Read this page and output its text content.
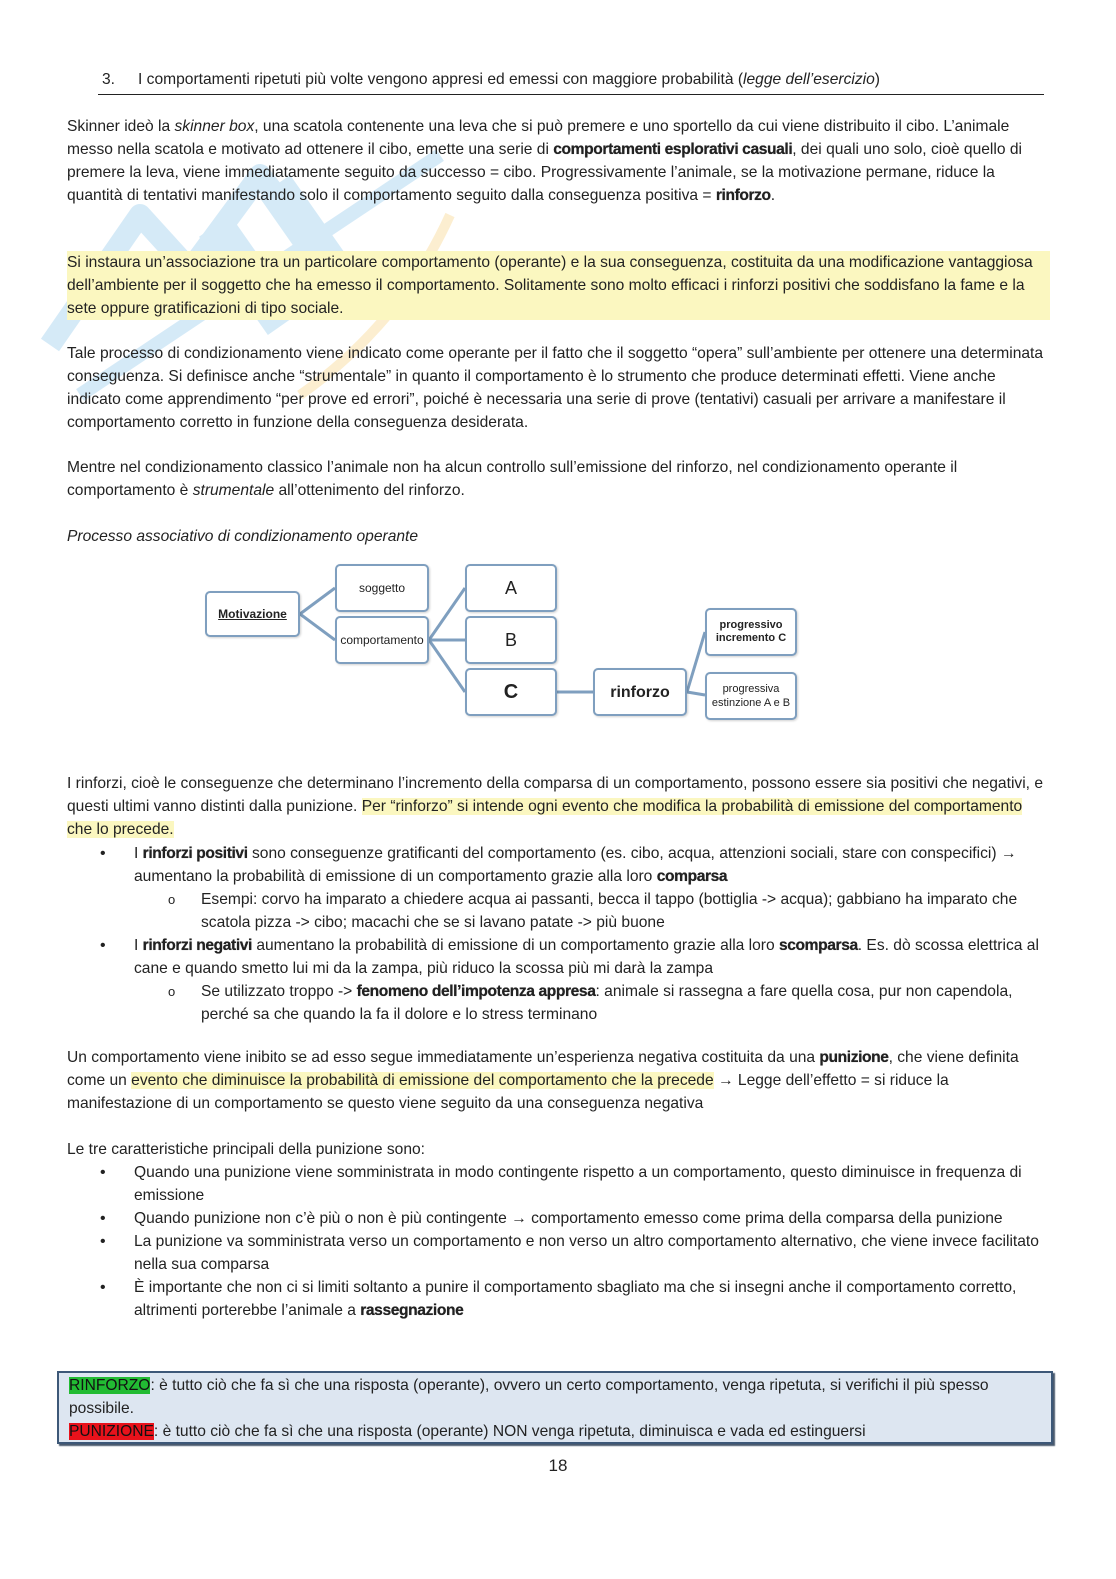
3. I comportamenti ripetuti più volte vengono appresi ed emessi con maggiore probabilità (legge dell’esercizio)

Skinner ideò la skinner box, una scatola contenente una leva che si può premere e uno sportello da cui viene distribuito il cibo. L’animale messo nella scatola e motivato ad ottenere il cibo, emette una serie di comportamenti esplorativi casuali, dei quali uno solo, cioè quello di premere la leva, viene immediatamente seguito da successo = cibo. Progressivamente l’animale, se la motivazione permane, riduce la quantità di tentativi manifestando solo il comportamento seguito dalla conseguenza positiva = rinforzo.

Si instaura un’associazione tra un particolare comportamento (operante) e la sua conseguenza, costituita da una modificazione vantaggiosa dell’ambiente per il soggetto che ha emesso il comportamento. Solitamente sono molto efficaci i rinforzi positivi che soddisfano la fame e la sete oppure gratificazioni di tipo sociale.

Tale processo di condizionamento viene indicato come operante per il fatto che il soggetto “opera” sull’ambiente per ottenere una determinata conseguenza. Si definisce anche “strumentale” in quanto il comportamento è lo strumento che produce determinati effetti. Viene anche indicato come apprendimento “per prove ed errori”, poiché è necessaria una serie di prove (tentativi) casuali per arrivare a manifestare il comportamento corretto in funzione della conseguenza desiderata.

Mentre nel condizionamento classico l’animale non ha alcun controllo sull’emissione del rinforzo, nel condizionamento operante il comportamento è strumentale all’ottenimento del rinforzo.

Processo associativo di condizionamento operante

Motivazione
soggetto
comportamento
A
B
C	rinforzo
progressivo incremento C
progressiva estinzione A e B

I rinforzi, cioè le conseguenze che determinano l’incremento della comparsa di un comportamento, possono essere sia positivi che negativi, e questi ultimi vanno distinti dalla punizione. Per “rinforzo” si intende ogni evento che modifica la probabilità di emissione del comportamento che lo precede.

• I rinforzi positivi sono conseguenze gratificanti del comportamento (es. cibo, acqua, attenzioni sociali, stare con conspecifici) → aumentano la probabilità di emissione di un comportamento grazie alla loro comparsa
o Esempi: corvo ha imparato a chiedere acqua ai passanti, becca il tappo (bottiglia -> acqua); gabbiano ha imparato che scatola pizza -> cibo; macachi che se si lavano patate -> più buone
• I rinforzi negativi aumentano la probabilità di emissione di un comportamento grazie alla loro scomparsa. Es. dò scossa elettrica al cane e quando smetto lui mi da la zampa, più riduco la scossa più mi darà la zampa
o Se utilizzato troppo -> fenomeno dell’impotenza appresa: animale si rassegna a fare quella cosa, pur non capendola, perché sa che quando la fa il dolore e lo stress terminano

Un comportamento viene inibito se ad esso segue immediatamente un’esperienza negativa costituita da una punizione, che viene definita come un evento che diminuisce la probabilità di emissione del comportamento che la precede → Legge dell’effetto = si riduce la manifestazione di un comportamento se questo viene seguito da una conseguenza negativa

Le tre caratteristiche principali della punizione sono:

• Quando una punizione viene somministrata in modo contingente rispetto a un comportamento, questo diminuisce in frequenza di emissione
• Quando punizione non c’è più o non è più contingente → comportamento emesso come prima della comparsa della punizione
• La punizione va somministrata verso un comportamento e non verso un altro comportamento alternativo, che viene invece facilitato nella sua comparsa
• È importante che non ci si limiti soltanto a punire il comportamento sbagliato ma che si insegni anche il comportamento corretto, altrimenti porterebbe l’animale a rassegnazione
RINFORZO: è tutto ciò che fa sì che una risposta (operante), ovvero un certo comportamento, venga ripetuta, si verifichi il più spesso possibile.
PUNIZIONE: è tutto ciò che fa sì che una risposta (operante) NON venga ripetuta, diminuisca e vada ed estinguersi
18
